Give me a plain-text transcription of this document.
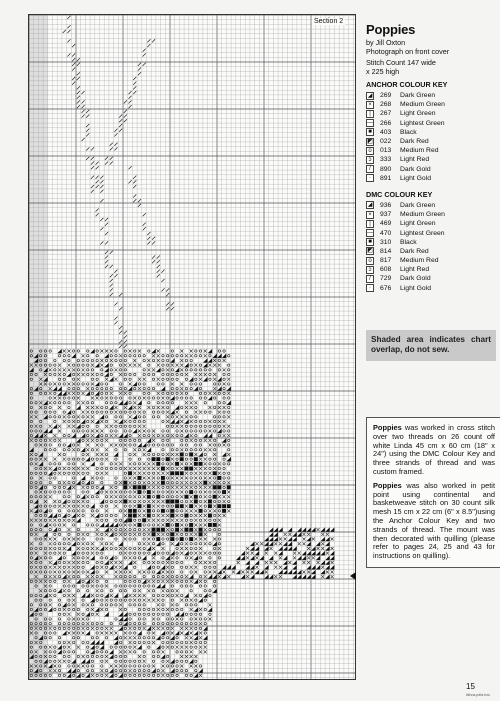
Section 2
Poppies
by Jill Oxton
Photograph on front cover
Stitch Count 147 wide
x 225 high
ANCHOR COLOUR KEY
◢ 269	Dark Green
×	268	Medium Green
|	267	Light Green
— 266	Lightest Green
■	403	Black
◩ 022	Dark Red
o	013	Medium Red
ɔ	333	Light Red
/	890	Dark Gold
·	891	Light Gold
DMC COLOUR KEY
◢ 936	Dark Green
×	937	Medium Green
|	469	Light Green
— 470	Lightest Green
■	310	Black
◩ 814	Dark Red
o	817	Medium Red
ɔ	608	Light Red
/	729	Dark Gold
·	676	Light Gold
Shaded area indicates chart overlap, do not sew.

Poppies was worked in cross stitch over two threads on 26 count off white Linda 45 cm x 60 cm (18" x 24") using the DMC Colour Key and three strands of thread and was custom framed.

Poppies was also worked in petit point using continental and basketweave stitch on 30 count silk mesh 15 cm x 22 cm (6" x 8.5")using the Anchor Colour Key and two strands of thread. The mount was then decorated with quilling (please refer to pages 24, 25 and 43 for instructions on quilling).

15
tikhna.pdfa.tvru
